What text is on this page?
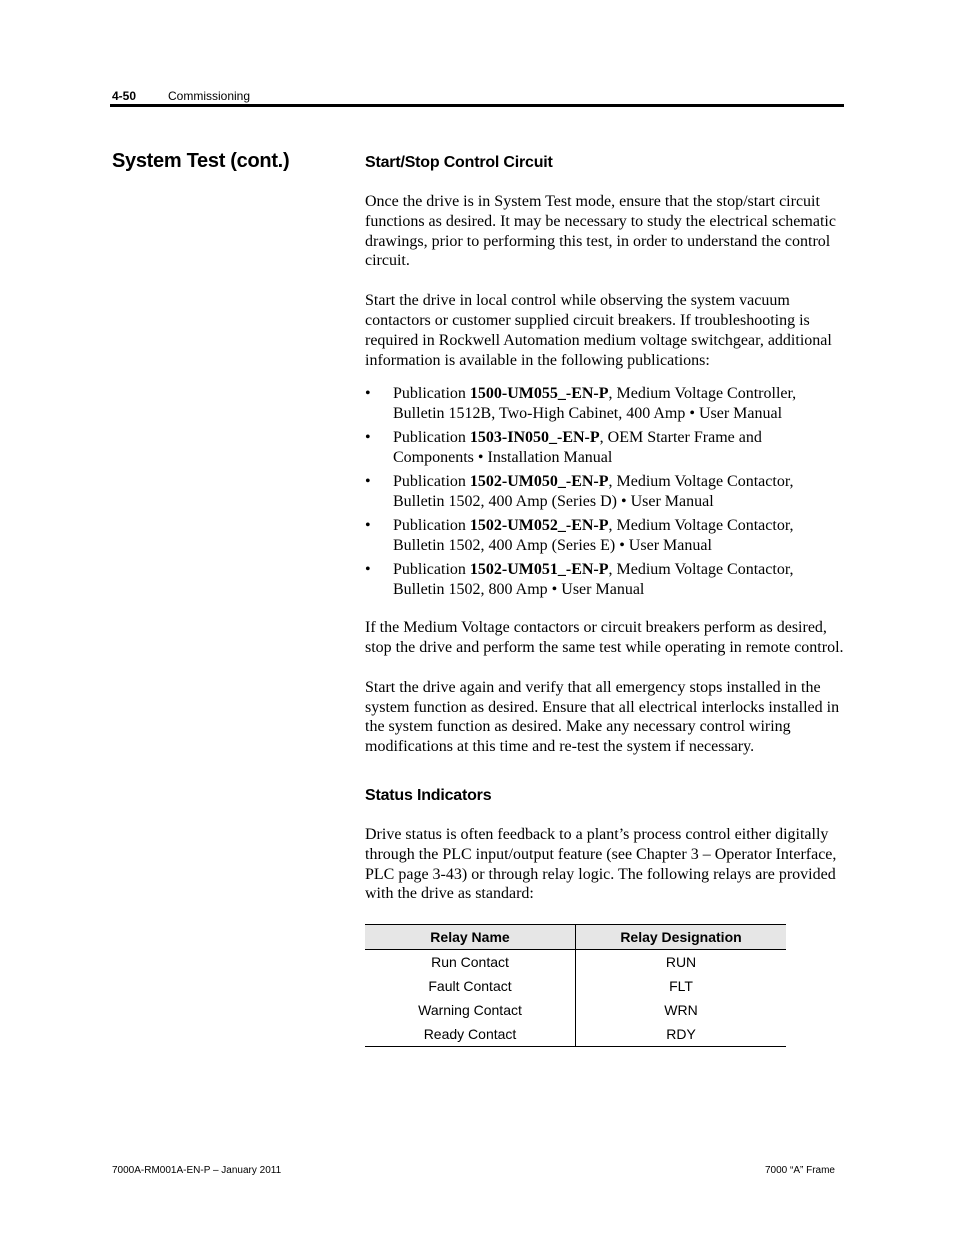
4-50	Commissioning
System Test (cont.)	Start/Stop Control Circuit

Once the drive is in System Test mode, ensure that the stop/start circuit functions as desired. It may be necessary to study the electrical schematic drawings, prior to performing this test, in order to understand the control circuit.

Start the drive in local control while observing the system vacuum contactors or customer supplied circuit breakers. If troubleshooting is required in Rockwell Automation medium voltage switchgear, additional information is available in the following publications:

• Publication 1500-UM055_-EN-P, Medium Voltage Controller, Bulletin 1512B, Two-High Cabinet, 400 Amp • User Manual
• Publication 1503-IN050_-EN-P, OEM Starter Frame and Components • Installation Manual
• Publication 1502-UM050_-EN-P, Medium Voltage Contactor, Bulletin 1502, 400 Amp (Series D) • User Manual
• Publication 1502-UM052_-EN-P, Medium Voltage Contactor, Bulletin 1502, 400 Amp (Series E) • User Manual
• Publication 1502-UM051_-EN-P, Medium Voltage Contactor, Bulletin 1502, 800 Amp • User Manual

If the Medium Voltage contactors or circuit breakers perform as desired, stop the drive and perform the same test while operating in remote control.

Start the drive again and verify that all emergency stops installed in the system function as desired. Ensure that all electrical interlocks installed in the system function as desired. Make any necessary control wiring modifications at this time and re-test the system if necessary.

Status Indicators

Drive status is often feedback to a plant’s process control either digitally through the PLC input/output feature (see Chapter 3 – Operator Interface, PLC page 3-43) or through relay logic. The following relays are provided with the drive as standard:

Relay Name	Relay Designation
Run Contact	RUN
Fault Contact	FLT
Warning Contact	WRN
Ready Contact	RDY
7000A-RM001A-EN-P – January 2011	7000 “A” Frame
